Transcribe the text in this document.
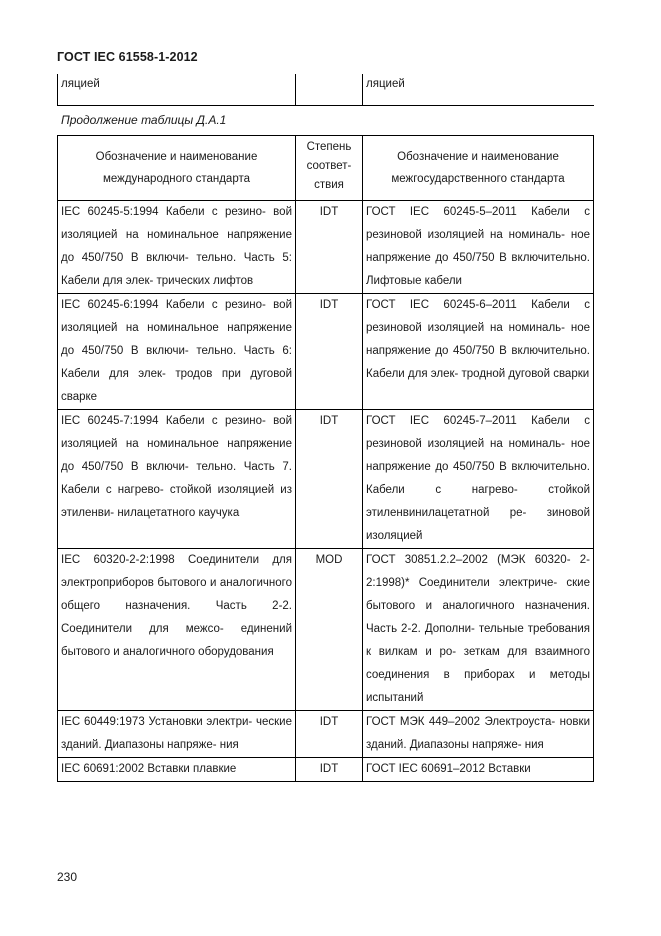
ГОСТ IEC 61558-1-2012
ляцией		ляцией
Продолжение таблицы Д.А.1
Обозначение и наименование международного стандарта	Степень соответ- ствия	Обозначение и наименование межгосударственного стандарта
IEC 60245-5:1994 Кабели с резино- вой изоляцией на номинальное напряжение до 450/750 В включи- тельно. Часть 5: Кабели для элек- трических лифтов	IDT	ГОСТ IEC 60245-5–2011 Кабели с резиновой изоляцией на номиналь- ное напряжение до 450/750 В включительно. Лифтовые кабели
IEC 60245-6:1994 Кабели с резино- вой изоляцией на номинальное напряжение до 450/750 В включи- тельно. Часть 6: Кабели для элек- тродов при дуговой сварке	IDT	ГОСТ IEC 60245-6–2011 Кабели с резиновой изоляцией на номиналь- ное напряжение до 450/750 В включительно. Кабели для элек- тродной дуговой сварки
IEC 60245-7:1994 Кабели с резино- вой изоляцией на номинальное напряжение до 450/750 В включи- тельно. Часть 7. Кабели с нагрево- стойкой изоляцией из этиленви- нилацетатного каучука	IDT	ГОСТ IEC 60245-7–2011 Кабели с резиновой изоляцией на номиналь- ное напряжение до 450/750 В включительно. Кабели с нагрево- стойкой этиленвинилацетатной ре- зиновой изоляцией
IEC 60320-2-2:1998 Соединители для электроприборов бытового и аналогичного общего назначения. Часть 2-2. Соединители для межсо- единений бытового и аналогичного оборудования	MOD	ГОСТ 30851.2.2–2002 (МЭК 60320- 2-2:1998)* Соединители электриче- ские бытового и аналогичного назначения. Часть 2-2. Дополни- тельные требования к вилкам и ро- зеткам для взаимного соединения в приборах и методы испытаний
IEC 60449:1973 Установки электри- ческие зданий. Диапазоны напряже- ния	IDT	ГОСТ МЭК 449–2002 Электроуста- новки зданий. Диапазоны напряже- ния
IEC 60691:2002 Вставки плавкие	IDT	ГОСТ IEC 60691–2012 Вставки
230
